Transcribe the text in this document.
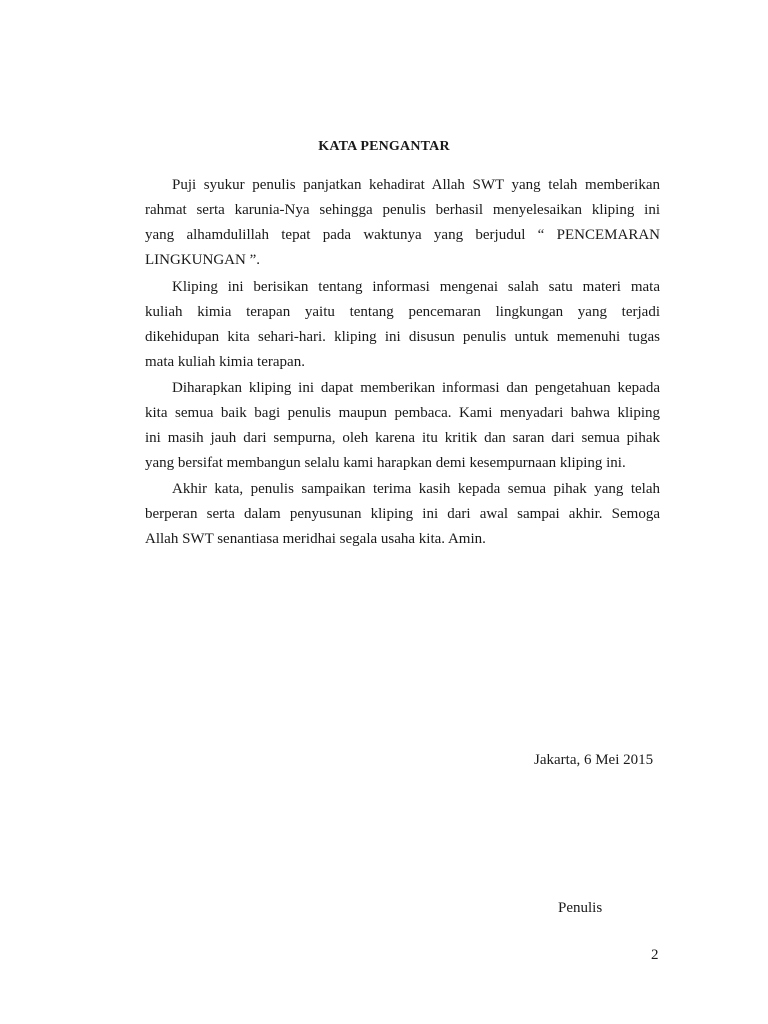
KATA PENGANTAR
Puji syukur penulis panjatkan kehadirat Allah SWT yang telah memberikan
rahmat serta karunia-Nya sehingga penulis berhasil menyelesaikan kliping ini
yang alhamdulillah tepat pada waktunya yang berjudul “ PENCEMARAN
LINGKUNGAN ”.
Kliping ini berisikan tentang informasi mengenai salah satu materi mata
kuliah kimia terapan yaitu tentang pencemaran lingkungan yang terjadi
dikehidupan kita sehari-hari. kliping ini disusun penulis untuk memenuhi tugas
mata kuliah kimia terapan.
Diharapkan kliping ini dapat memberikan informasi dan pengetahuan kepada
kita semua baik bagi penulis maupun pembaca. Kami menyadari bahwa kliping
ini masih jauh dari sempurna, oleh karena itu kritik dan saran dari semua pihak
yang bersifat membangun selalu kami harapkan demi kesempurnaan kliping ini.
Akhir kata, penulis sampaikan terima kasih kepada semua pihak yang telah
berperan serta dalam penyusunan kliping ini dari awal sampai akhir. Semoga
Allah SWT senantiasa meridhai segala usaha kita. Amin.
Jakarta, 6 Mei 2015
Penulis
2
